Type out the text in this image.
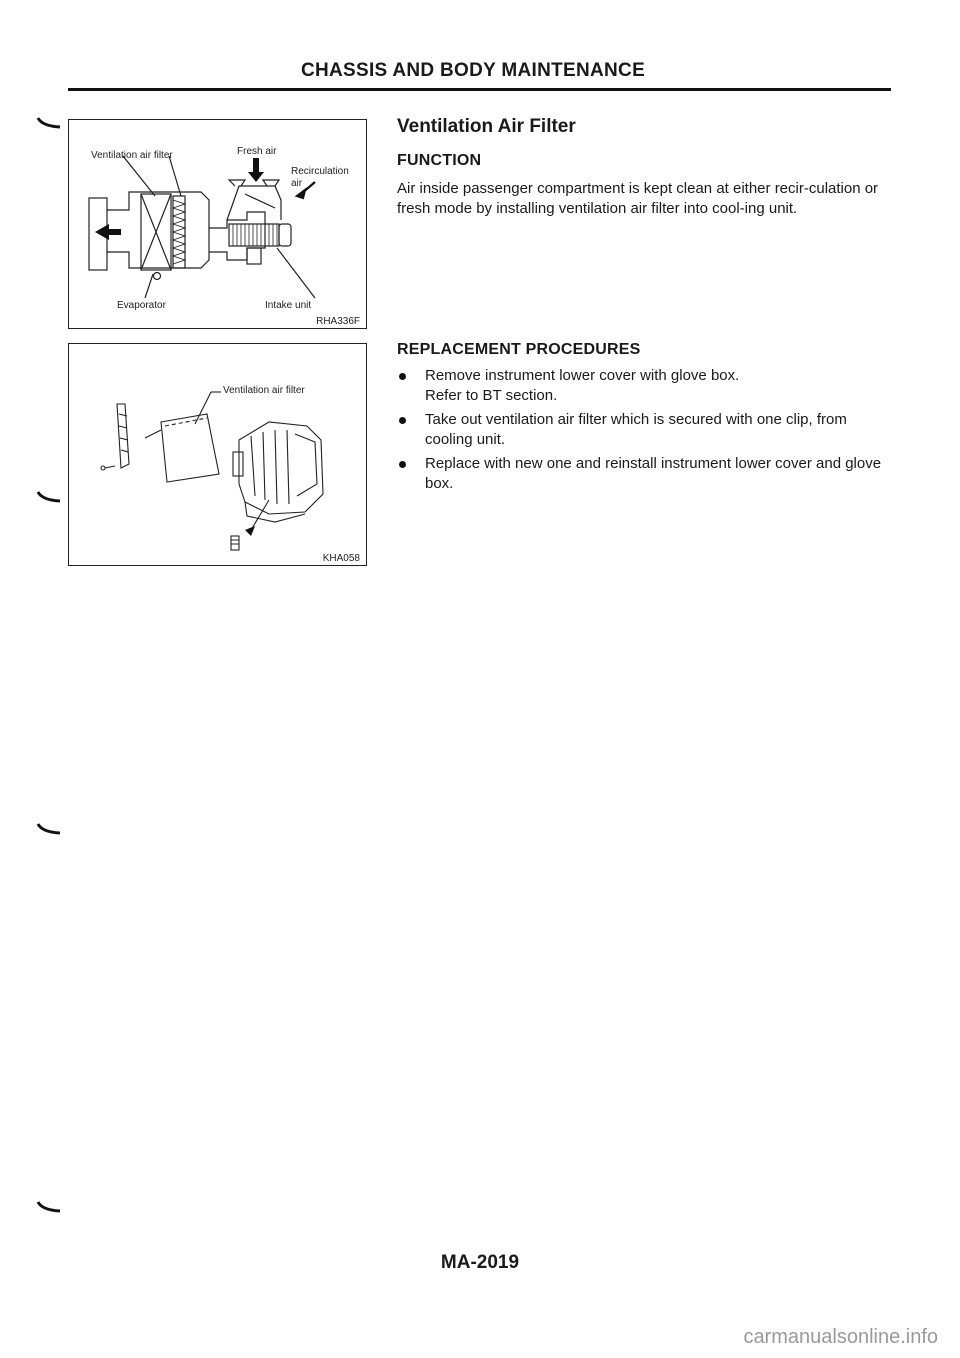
CHASSIS AND BODY MAINTENANCE
Ventilation air filter	Fresh air
Recirculation
air
Evaporator	Intake unit
RHA336F
Ventilation air filter
KHA058
Ventilation Air Filter
FUNCTION

Air inside passenger compartment is kept clean at either recir-culation or fresh mode by installing ventilation air filter into cool-ing unit.

REPLACEMENT PROCEDURES
Remove instrument lower cover with glove box.
Refer to BT section.
Take out ventilation air filter which is secured with one clip, from cooling unit.
Replace with new one and reinstall instrument lower cover and glove box.
MA-2019
carmanualsonline.info
